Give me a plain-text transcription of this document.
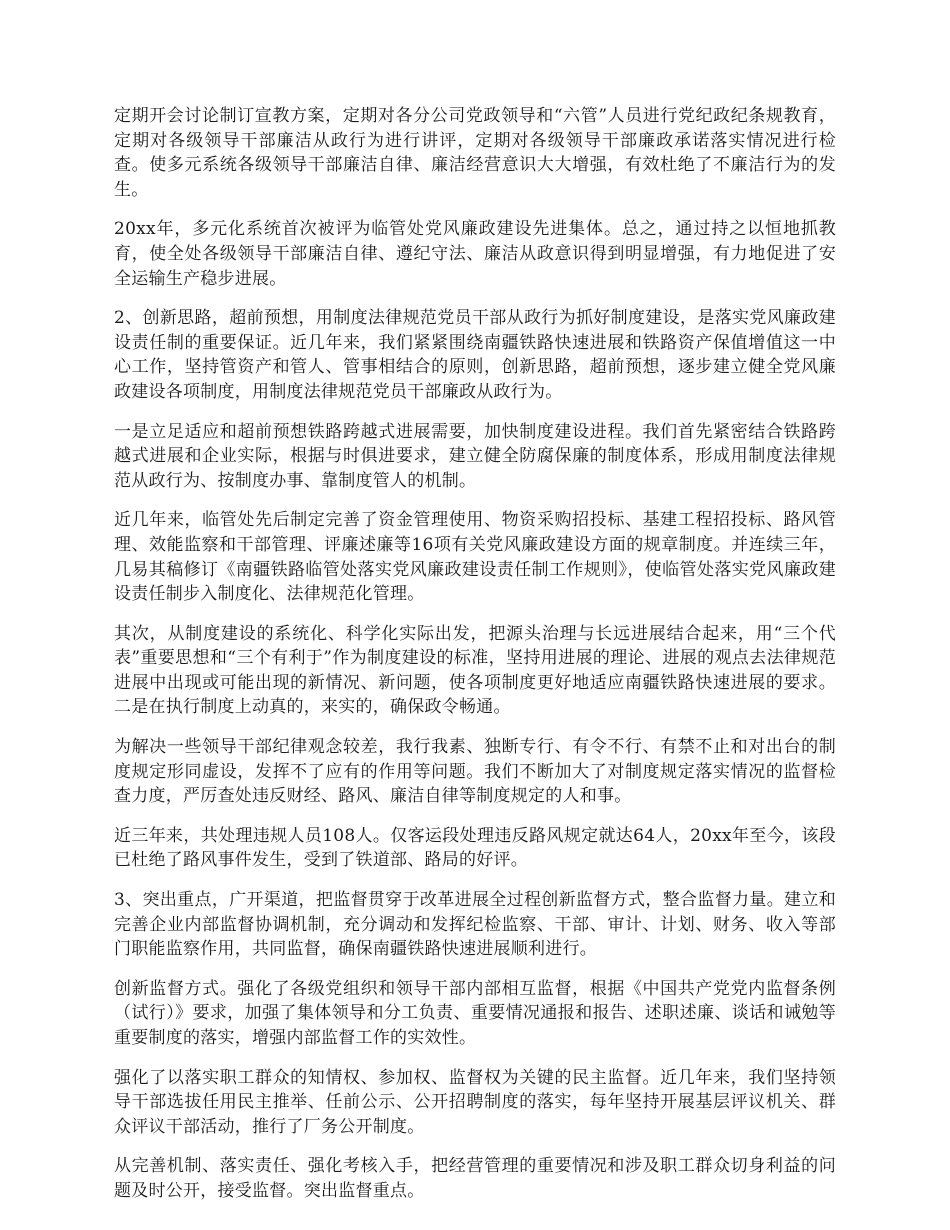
定期开会讨论制订宣教方案，定期对各分公司党政领导和“六管”人员进行党纪政纪条规教育，定期对各级领导干部廉洁从政行为进行讲评，定期对各级领导干部廉政承诺落实情况进行检查。使多元系统各级领导干部廉洁自律、廉洁经营意识大大增强，有效杜绝了不廉洁行为的发生。

20xx年，多元化系统首次被评为临管处党风廉政建设先进集体。总之，通过持之以恒地抓教育，使全处各级领导干部廉洁自律、遵纪守法、廉洁从政意识得到明显增强，有力地促进了安全运输生产稳步进展。

2、创新思路，超前预想，用制度法律规范党员干部从政行为抓好制度建设，是落实党风廉政建设责任制的重要保证。近几年来，我们紧紧围绕南疆铁路快速进展和铁路资产保值增值这一中心工作，坚持管资产和管人、管事相结合的原则，创新思路，超前预想，逐步建立健全党风廉政建设各项制度，用制度法律规范党员干部廉政从政行为。

一是立足适应和超前预想铁路跨越式进展需要，加快制度建设进程。我们首先紧密结合铁路跨越式进展和企业实际，根据与时俱进要求，建立健全防腐保廉的制度体系，形成用制度法律规范从政行为、按制度办事、靠制度管人的机制。

近几年来，临管处先后制定完善了资金管理使用、物资采购招投标、基建工程招投标、路风管理、效能监察和干部管理、评廉述廉等16项有关党风廉政建设方面的规章制度。并连续三年，几易其稿修订《南疆铁路临管处落实党风廉政建设责任制工作规则》，使临管处落实党风廉政建设责任制步入制度化、法律规范化管理。

其次，从制度建设的系统化、科学化实际出发，把源头治理与长远进展结合起来，用“三个代表”重要思想和“三个有利于”作为制度建设的标准，坚持用进展的理论、进展的观点去法律规范进展中出现或可能出现的新情况、新问题，使各项制度更好地适应南疆铁路快速进展的要求。二是在执行制度上动真的，来实的，确保政令畅通。

为解决一些领导干部纪律观念较差，我行我素、独断专行、有令不行、有禁不止和对出台的制度规定形同虚设，发挥不了应有的作用等问题。我们不断加大了对制度规定落实情况的监督检查力度，严厉查处违反财经、路风、廉洁自律等制度规定的人和事。

近三年来，共处理违规人员108人。仅客运段处理违反路风规定就达64人，20xx年至今，该段已杜绝了路风事件发生，受到了铁道部、路局的好评。

3、突出重点，广开渠道，把监督贯穿于改革进展全过程创新监督方式，整合监督力量。建立和完善企业内部监督协调机制，充分调动和发挥纪检监察、干部、审计、计划、财务、收入等部门职能监察作用，共同监督，确保南疆铁路快速进展顺利进行。

创新监督方式。强化了各级党组织和领导干部内部相互监督，根据《中国共产党党内监督条例（试行）》要求，加强了集体领导和分工负责、重要情况通报和报告、述职述廉、谈话和诫勉等重要制度的落实，增强内部监督工作的实效性。

强化了以落实职工群众的知情权、参加权、监督权为关键的民主监督。近几年来，我们坚持领导干部选拔任用民主推举、任前公示、公开招聘制度的落实，每年坚持开展基层评议机关、群众评议干部活动，推行了厂务公开制度。

从完善机制、落实责任、强化考核入手，把经营管理的重要情况和涉及职工群众切身利益的问题及时公开，接受监督。突出监督重点。
